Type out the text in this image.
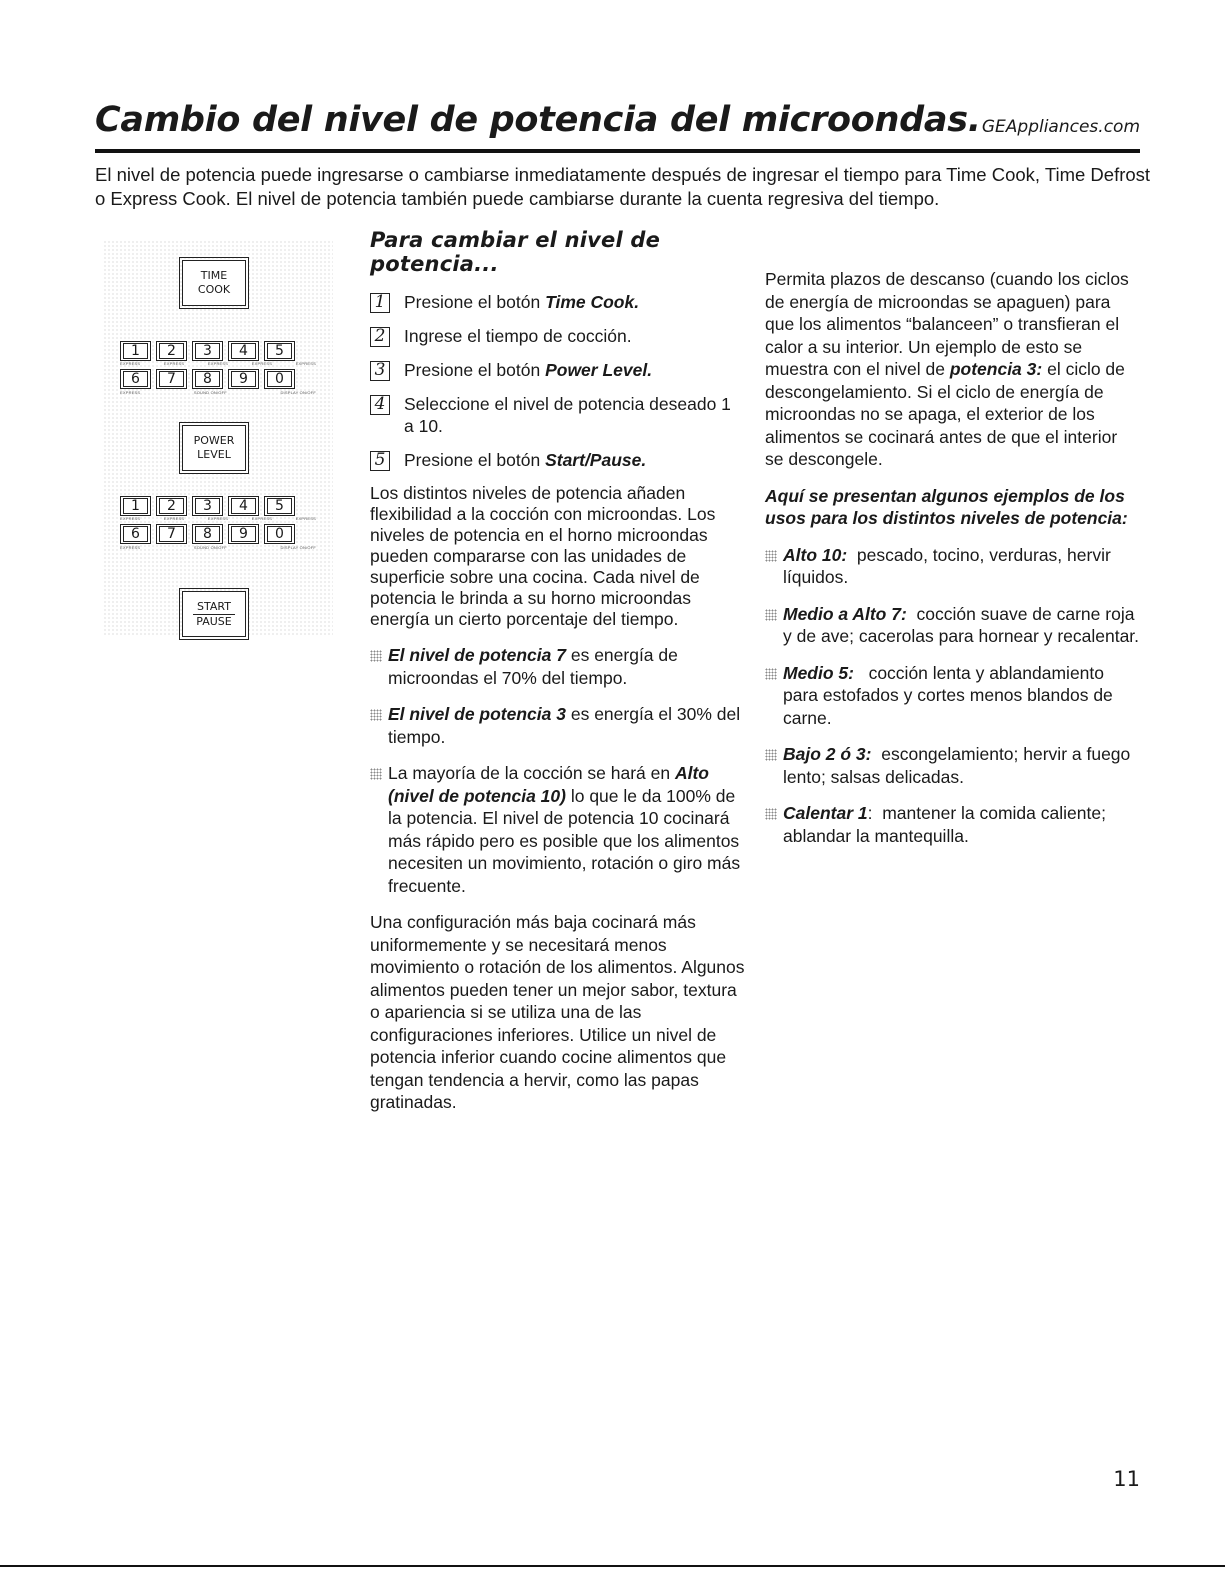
Cambio del nivel de potencia del microondas. GEAppliances.com

El nivel de potencia puede ingresarse o cambiarse inmediatamente después de ingresar el tiempo para Time Cook, Time Defrost o Express Cook. El nivel de potencia también puede cambiarse durante la cuenta regresiva del tiempo.

TIME
COOK
1	2	3	4	5
EXPRESS	EXPRESS	EXPRESS	EXPRESS	EXPRESS
6	7	8	9	0
EXPRESS	SOUND ON/OFF	DISPLAY ON/OFF
POWER
LEVEL
1	2	3	4	5
EXPRESS	EXPRESS	EXPRESS	EXPRESS	EXPRESS
6	7	8	9	0
EXPRESS	SOUND ON/OFF	DISPLAY ON/OFF
START
PAUSE
Para cambiar el nivel de potencia...
1 Presione el botón Time Cook.
2 Ingrese el tiempo de cocción.
3 Presione el botón Power Level.
4 Seleccione el nivel de potencia deseado 1 a 10.
5 Presione el botón Start/Pause.

Los distintos niveles de potencia añaden flexibilidad a la cocción con microondas. Los niveles de potencia en el horno microondas pueden compararse con las unidades de superficie sobre una cocina. Cada nivel de potencia le brinda a su horno microondas energía un cierto porcentaje del tiempo.

El nivel de potencia 7 es energía de microondas el 70% del tiempo.
El nivel de potencia 3 es energía el 30% del tiempo.
La mayoría de la cocción se hará en Alto (nivel de potencia 10) lo que le da 100% de la potencia. El nivel de potencia 10 cocinará más rápido pero es posible que los alimentos necesiten un movimiento, rotación o giro más frecuente.

Una configuración más baja cocinará más uniformemente y se necesitará menos movimiento o rotación de los alimentos. Algunos alimentos pueden tener un mejor sabor, textura o apariencia si se utiliza una de las configuraciones inferiores. Utilice un nivel de potencia inferior cuando cocine alimentos que tengan tendencia a hervir, como las papas gratinadas.

Permita plazos de descanso (cuando los ciclos de energía de microondas se apaguen) para que los alimentos “balanceen” o transfieran el calor a su interior. Un ejemplo de esto se muestra con el nivel de potencia 3: el ciclo de descongelamiento. Si el ciclo de energía de microondas no se apaga, el exterior de los alimentos se cocinará antes de que el interior se descongele.

Aquí se presentan algunos ejemplos de los usos para los distintos niveles de potencia:

Alto 10:  pescado, tocino, verduras, hervir líquidos.
Medio a Alto 7:  cocción suave de carne roja y de ave; cacerolas para hornear y recalentar.
Medio 5:   cocción lenta y ablandamiento para estofados y cortes menos blandos de carne.
Bajo 2 ó 3:  escongelamiento; hervir a fuego lento; salsas delicadas.
Calentar 1:  mantener la comida caliente; ablandar la mantequilla.
11
